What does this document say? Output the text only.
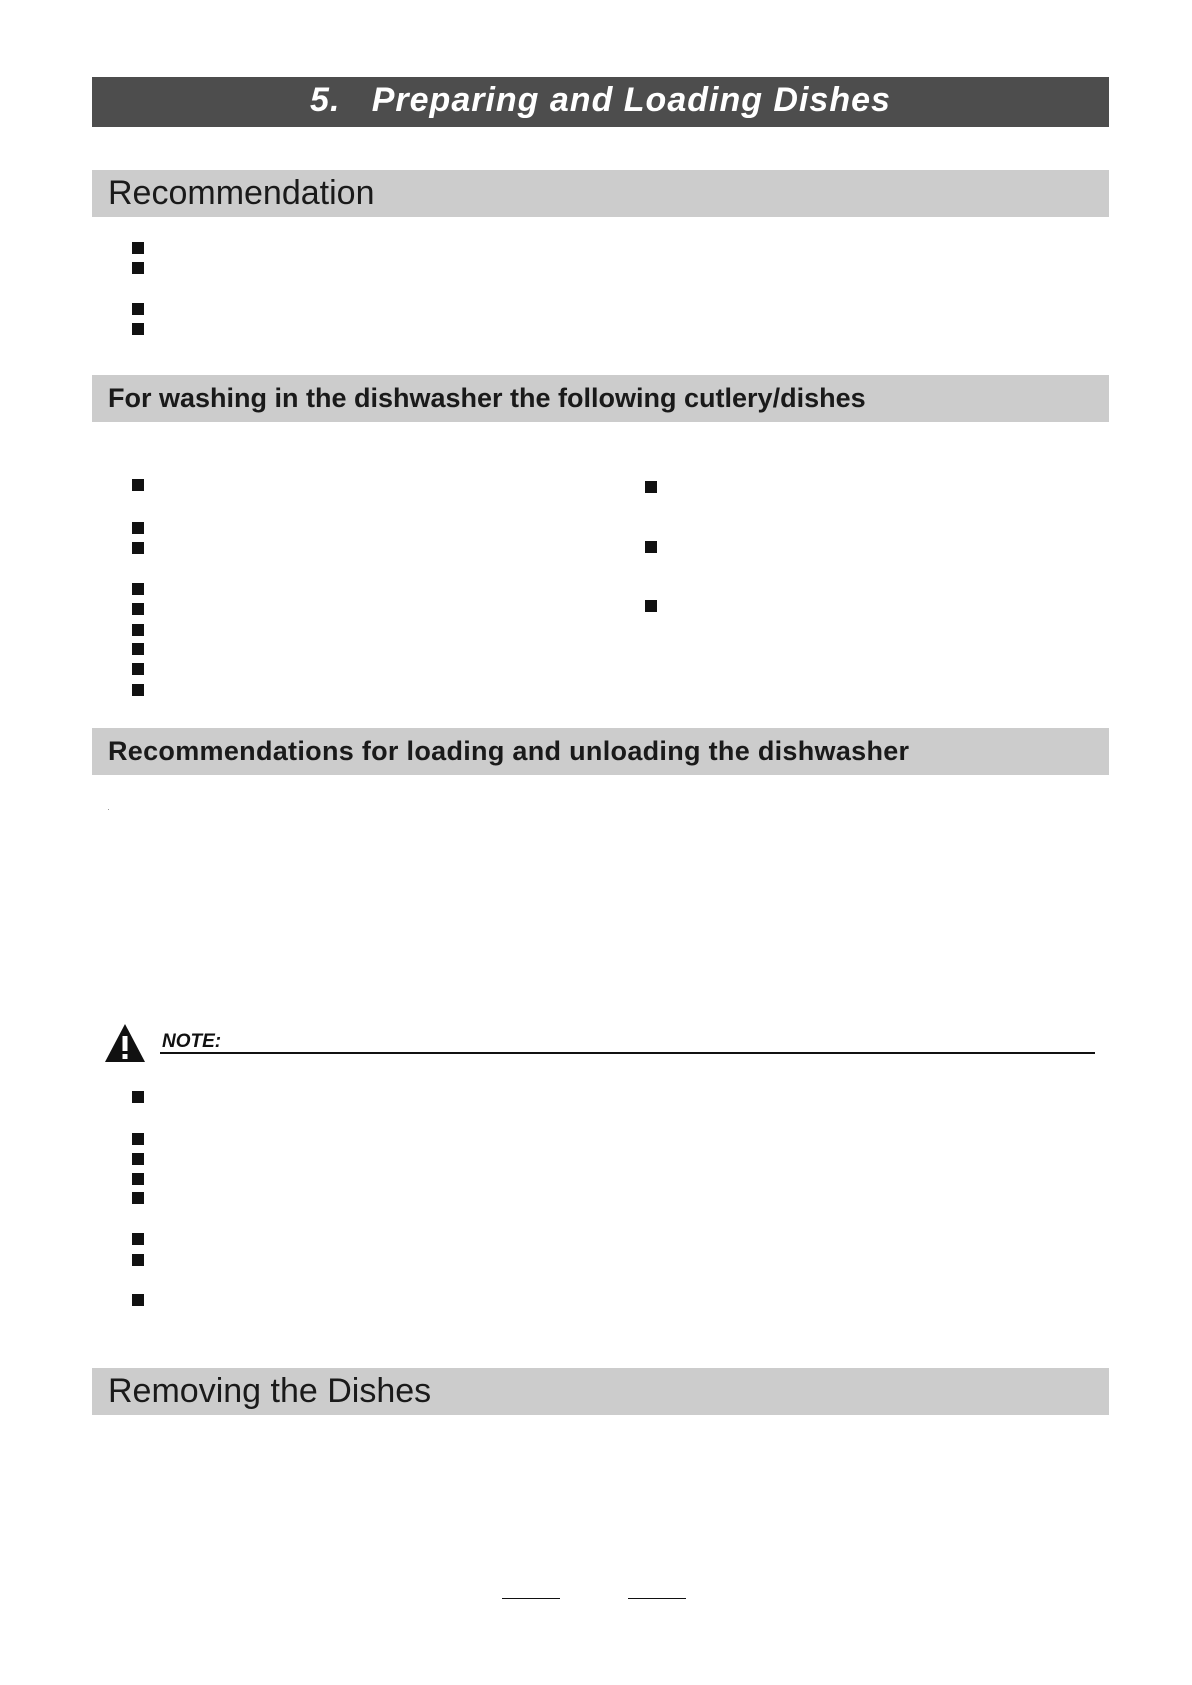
5.   Preparing and Loading Dishes
Recommendation
For washing in the dishwasher the following cutlery/dishes
Recommendations for loading and unloading the dishwasher
NOTE:
Removing the Dishes
